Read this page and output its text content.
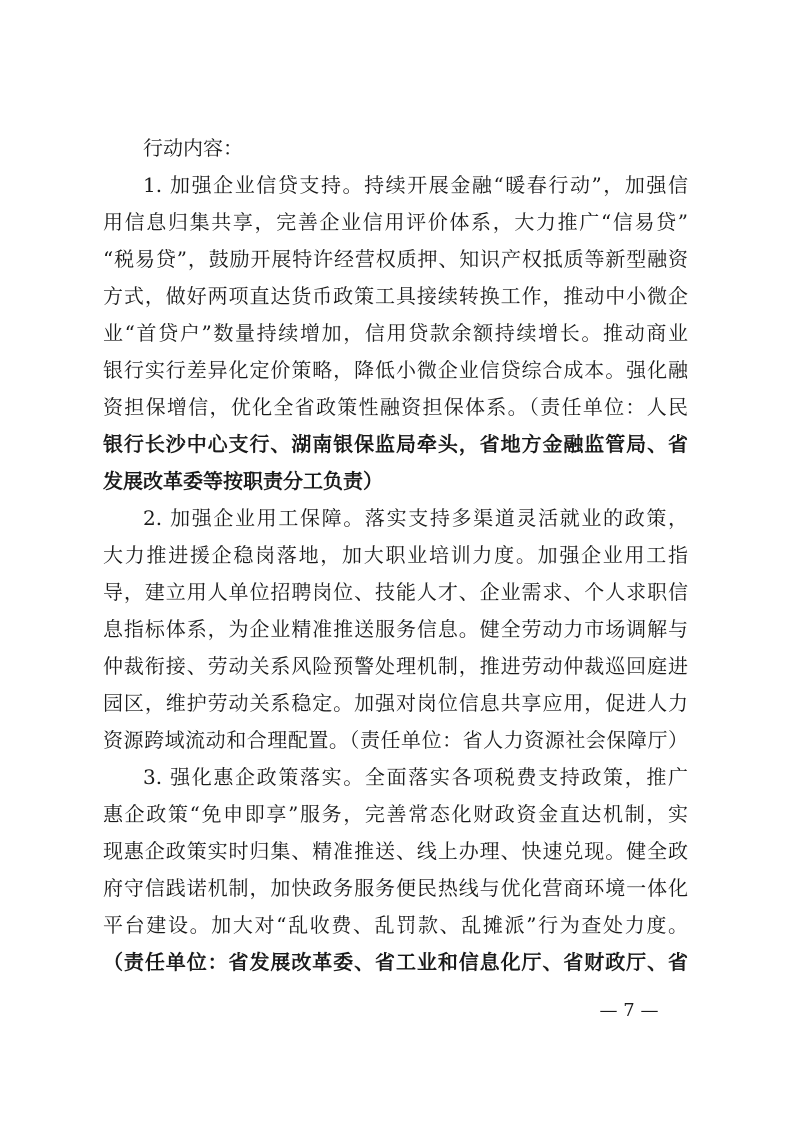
行动内容：
1. 加强企业信贷支持。持续开展金融“暖春行动”，加强信
用信息归集共享，完善企业信用评价体系，大力推广“信易贷”
“税易贷”，鼓励开展特许经营权质押、知识产权抵质等新型融资
方式，做好两项直达货币政策工具接续转换工作，推动中小微企
业“首贷户”数量持续增加，信用贷款余额持续增长。推动商业
银行实行差异化定价策略，降低小微企业信贷综合成本。强化融
资担保增信，优化全省政策性融资担保体系。（责任单位：人民
银行长沙中心支行、湖南银保监局牵头，省地方金融监管局、省
发展改革委等按职责分工负责）
2. 加强企业用工保障。落实支持多渠道灵活就业的政策，
大力推进援企稳岗落地，加大职业培训力度。加强企业用工指
导，建立用人单位招聘岗位、技能人才、企业需求、个人求职信
息指标体系，为企业精准推送服务信息。健全劳动力市场调解与
仲裁衔接、劳动关系风险预警处理机制，推进劳动仲裁巡回庭进
园区，维护劳动关系稳定。加强对岗位信息共享应用，促进人力
资源跨域流动和合理配置。（责任单位：省人力资源社会保障厅）
3. 强化惠企政策落实。全面落实各项税费支持政策，推广
惠企政策“免申即享”服务，完善常态化财政资金直达机制，实
现惠企政策实时归集、精准推送、线上办理、快速兑现。健全政
府守信践诺机制，加快政务服务便民热线与优化营商环境一体化
平台建设。加大对“乱收费、乱罚款、乱摊派”行为查处力度。
（责任单位：省发展改革委、省工业和信息化厅、省财政厅、省
— 7 —
